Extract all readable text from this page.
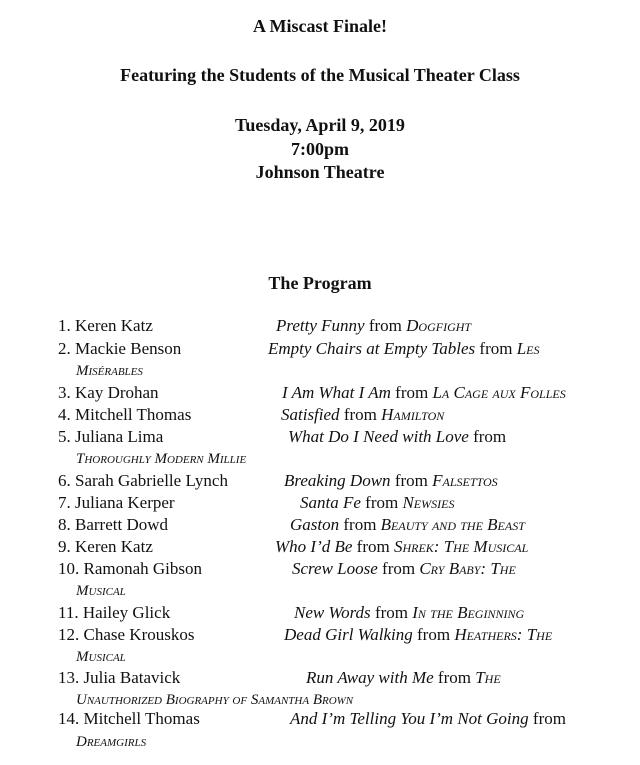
A Miscast Finale!
Featuring the Students of the Musical Theater Class
Tuesday, April 9, 2019
7:00pm
Johnson Theatre
The Program
1. Keren Katz	Pretty Funny from Dogfight
2. Mackie Benson	Empty Chairs at Empty Tables from Les
Misérables
3. Kay Drohan	I Am What I Am from La Cage aux Folles
4. Mitchell Thomas	Satisfied from Hamilton
5. Juliana Lima	What Do I Need with Love from
Thoroughly Modern Millie
6. Sarah Gabrielle Lynch	Breaking Down from Falsettos
7. Juliana Kerper	Santa Fe from Newsies
8. Barrett Dowd	Gaston from Beauty and the Beast
9. Keren Katz	Who I’d Be from Shrek: The Musical
10. Ramonah Gibson	Screw Loose from Cry Baby: The
Musical
11. Hailey Glick	New Words from In the Beginning
12. Chase Krouskos	Dead Girl Walking from Heathers: The
Musical
13. Julia Batavick	Run Away with Me from The
Unauthorized Biography of Samantha Brown
14. Mitchell Thomas	And I’m Telling You I’m Not Going from
Dreamgirls
